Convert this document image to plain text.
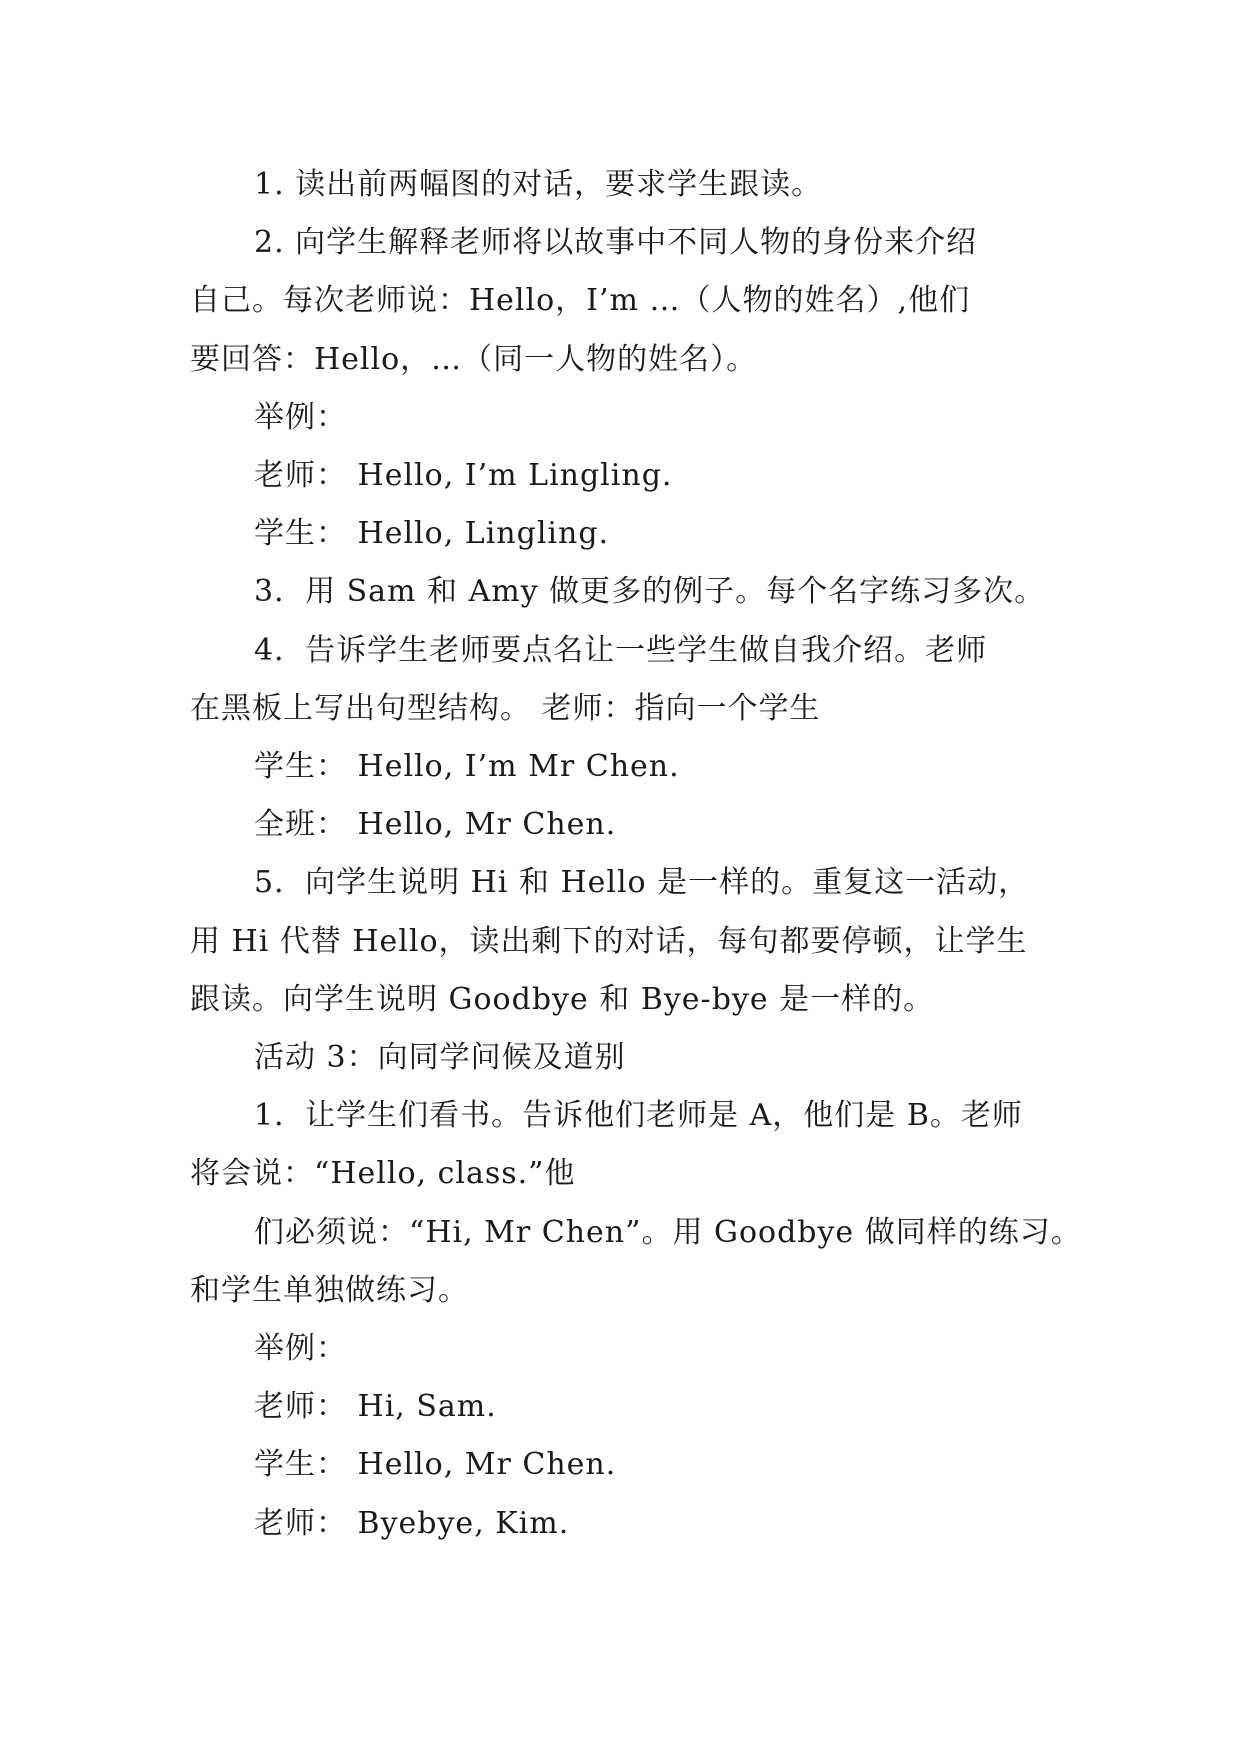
1. 读出前两幅图的对话，要求学生跟读。

2. 向学生解释老师将以故事中不同人物的身份来介绍

自己。每次老师说：Hello，I’m …（人物的姓名）,他们

要回答：Hello，…（同一人物的姓名）。

举例：

老师： Hello, I’m Lingling.

学生： Hello, Lingling.

3．用 Sam 和 Amy 做更多的例子。每个名字练习多次。

4．告诉学生老师要点名让一些学生做自我介绍。老师

在黑板上写出句型结构。 老师：指向一个学生

学生： Hello, I’m Mr Chen.

全班： Hello, Mr Chen.

5．向学生说明 Hi 和 Hello 是一样的。重复这一活动，

用 Hi 代替 Hello，读出剩下的对话，每句都要停顿，让学生

跟读。向学生说明 Goodbye 和 Bye-bye 是一样的。

活动 3：向同学问候及道别

1．让学生们看书。告诉他们老师是 A，他们是 B。老师

将会说：“Hello, class.”他

们必须说：“Hi, Mr Chen”。用 Goodbye 做同样的练习。

和学生单独做练习。

举例：

老师： Hi, Sam.

学生： Hello, Mr Chen.

老师： Byebye, Kim.
